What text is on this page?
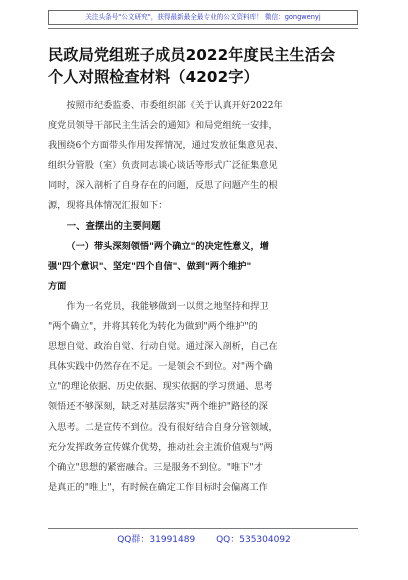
关注头条号"公文研究"，获得最新最全最专业的公文资料库！ 微信：gongwenyj
民政局党组班子成员2022年度民主生活会
个人对照检查材料（4202字）
按照市纪委监委、市委组织部《关于认真开好2022年
度党员领导干部民主生活会的通知》和局党组统一安排，
我围绕6个方面带头作用发挥情况，通过发放征集意见表、
组织分管股（室）负责同志谈心谈话等形式广泛征集意见
同时，深入剖析了自身存在的问题，反思了问题产生的根
源，现将具体情况汇报如下：
一、查摆出的主要问题
（一）带头深刻领悟"两个确立"的决定性意义，增
强"四个意识"、坚定"四个自信"、做到"两个维护"
方面
作为一名党员，我能够做到一以贯之地坚持和捍卫
"两个确立"，并将其转化为转化为做到"两个维护"的
思想自觉、政治自觉、行动自觉。通过深入剖析，自己在
具体实践中仍然存在不足。一是领会不到位。对"两个确
立"的理论依据、历史依据、现实依据的学习贯通、思考
领悟还不够深刻，缺乏对基层落实"两个维护"路径的深
入思考。二是宣传不到位。没有很好结合自身分管领域，
充分发挥政务宣传媒介优势，推动社会主流价值观与"两
个确立"思想的紧密融合。三是服务不到位。"唯下"才
是真正的"唯上"，有时候在确定工作目标时会偏离工作
QQ群：31991489 QQ：535304092
